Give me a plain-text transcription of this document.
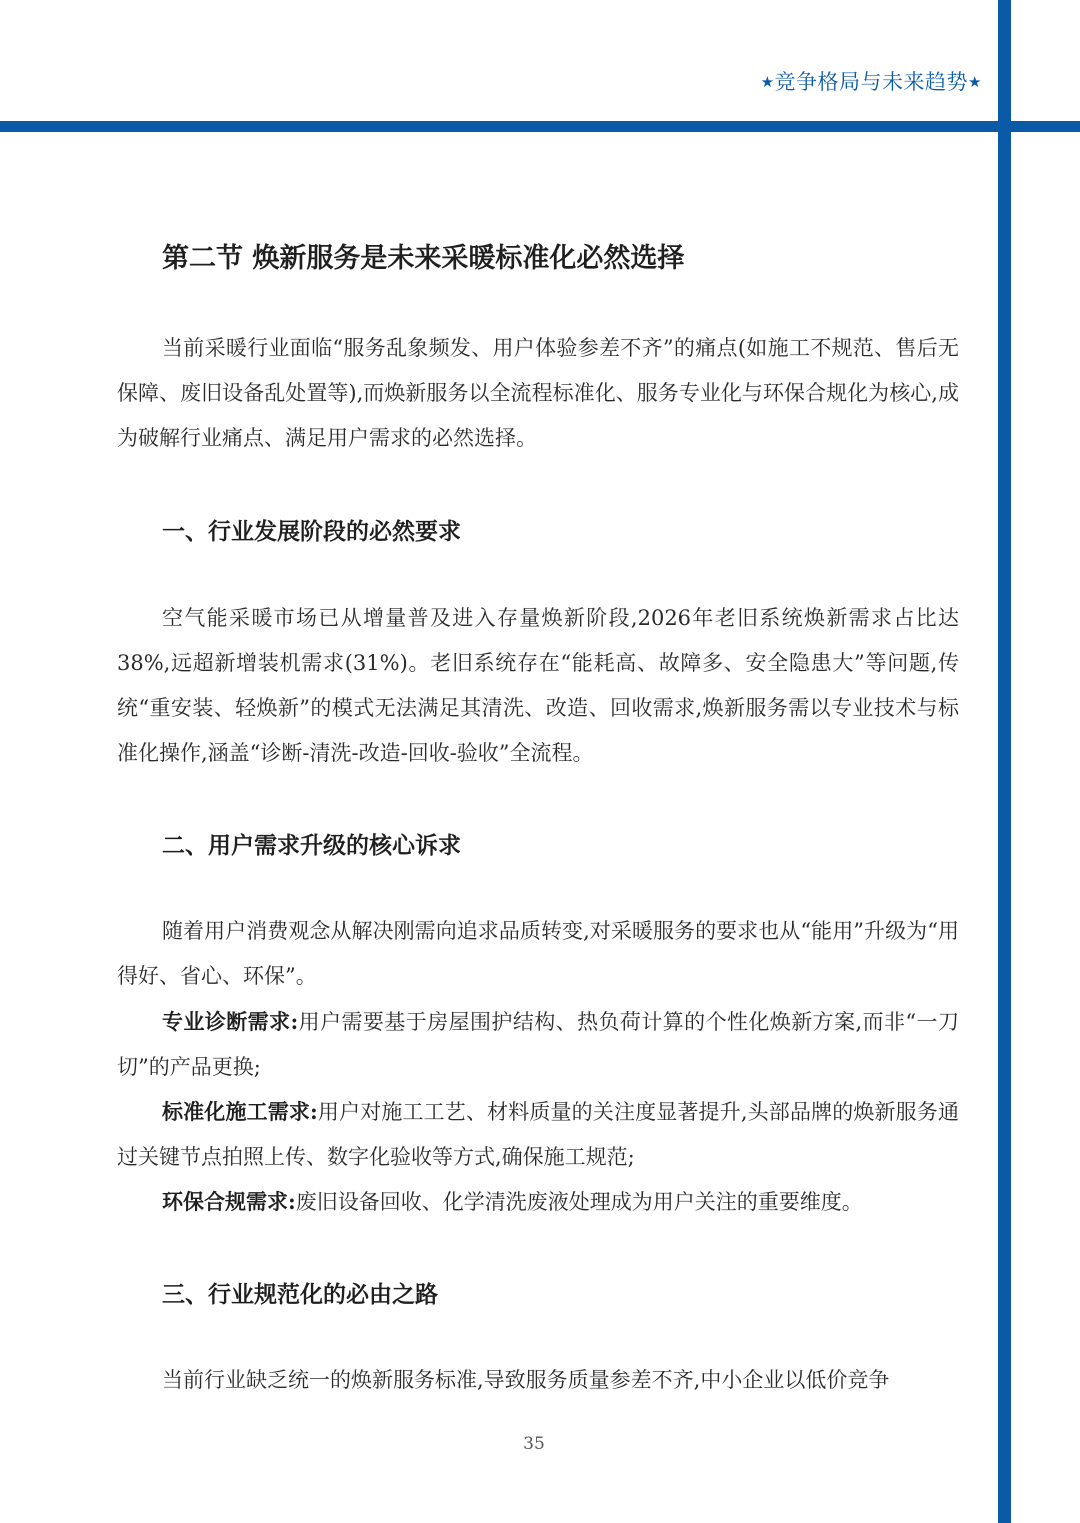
★竞争格局与未来趋势★
第二节 焕新服务是未来采暖标准化必然选择

当前采暖行业面临“服务乱象频发、用户体验参差不齐”的痛点(如施工不规范、售后无保障、废旧设备乱处置等),而焕新服务以全流程标准化、服务专业化与环保合规化为核心,成为破解行业痛点、满足用户需求的必然选择。

一、行业发展阶段的必然要求

空气能采暖市场已从增量普及进入存量焕新阶段,2026年老旧系统焕新需求占比达38%,远超新增装机需求(31%)。老旧系统存在“能耗高、故障多、安全隐患大”等问题,传统“重安装、轻焕新”的模式无法满足其清洗、改造、回收需求,焕新服务需以专业技术与标准化操作,涵盖“诊断-清洗-改造-回收-验收”全流程。

二、用户需求升级的核心诉求

随着用户消费观念从解决刚需向追求品质转变,对采暖服务的要求也从“能用”升级为“用得好、省心、环保”。

专业诊断需求:用户需要基于房屋围护结构、热负荷计算的个性化焕新方案,而非“一刀切”的产品更换;

标准化施工需求:用户对施工工艺、材料质量的关注度显著提升,头部品牌的焕新服务通过关键节点拍照上传、数字化验收等方式,确保施工规范;

环保合规需求:废旧设备回收、化学清洗废液处理成为用户关注的重要维度。

三、行业规范化的必由之路

当前行业缺乏统一的焕新服务标准,导致服务质量参差不齐,中小企业以低价竞争

35
